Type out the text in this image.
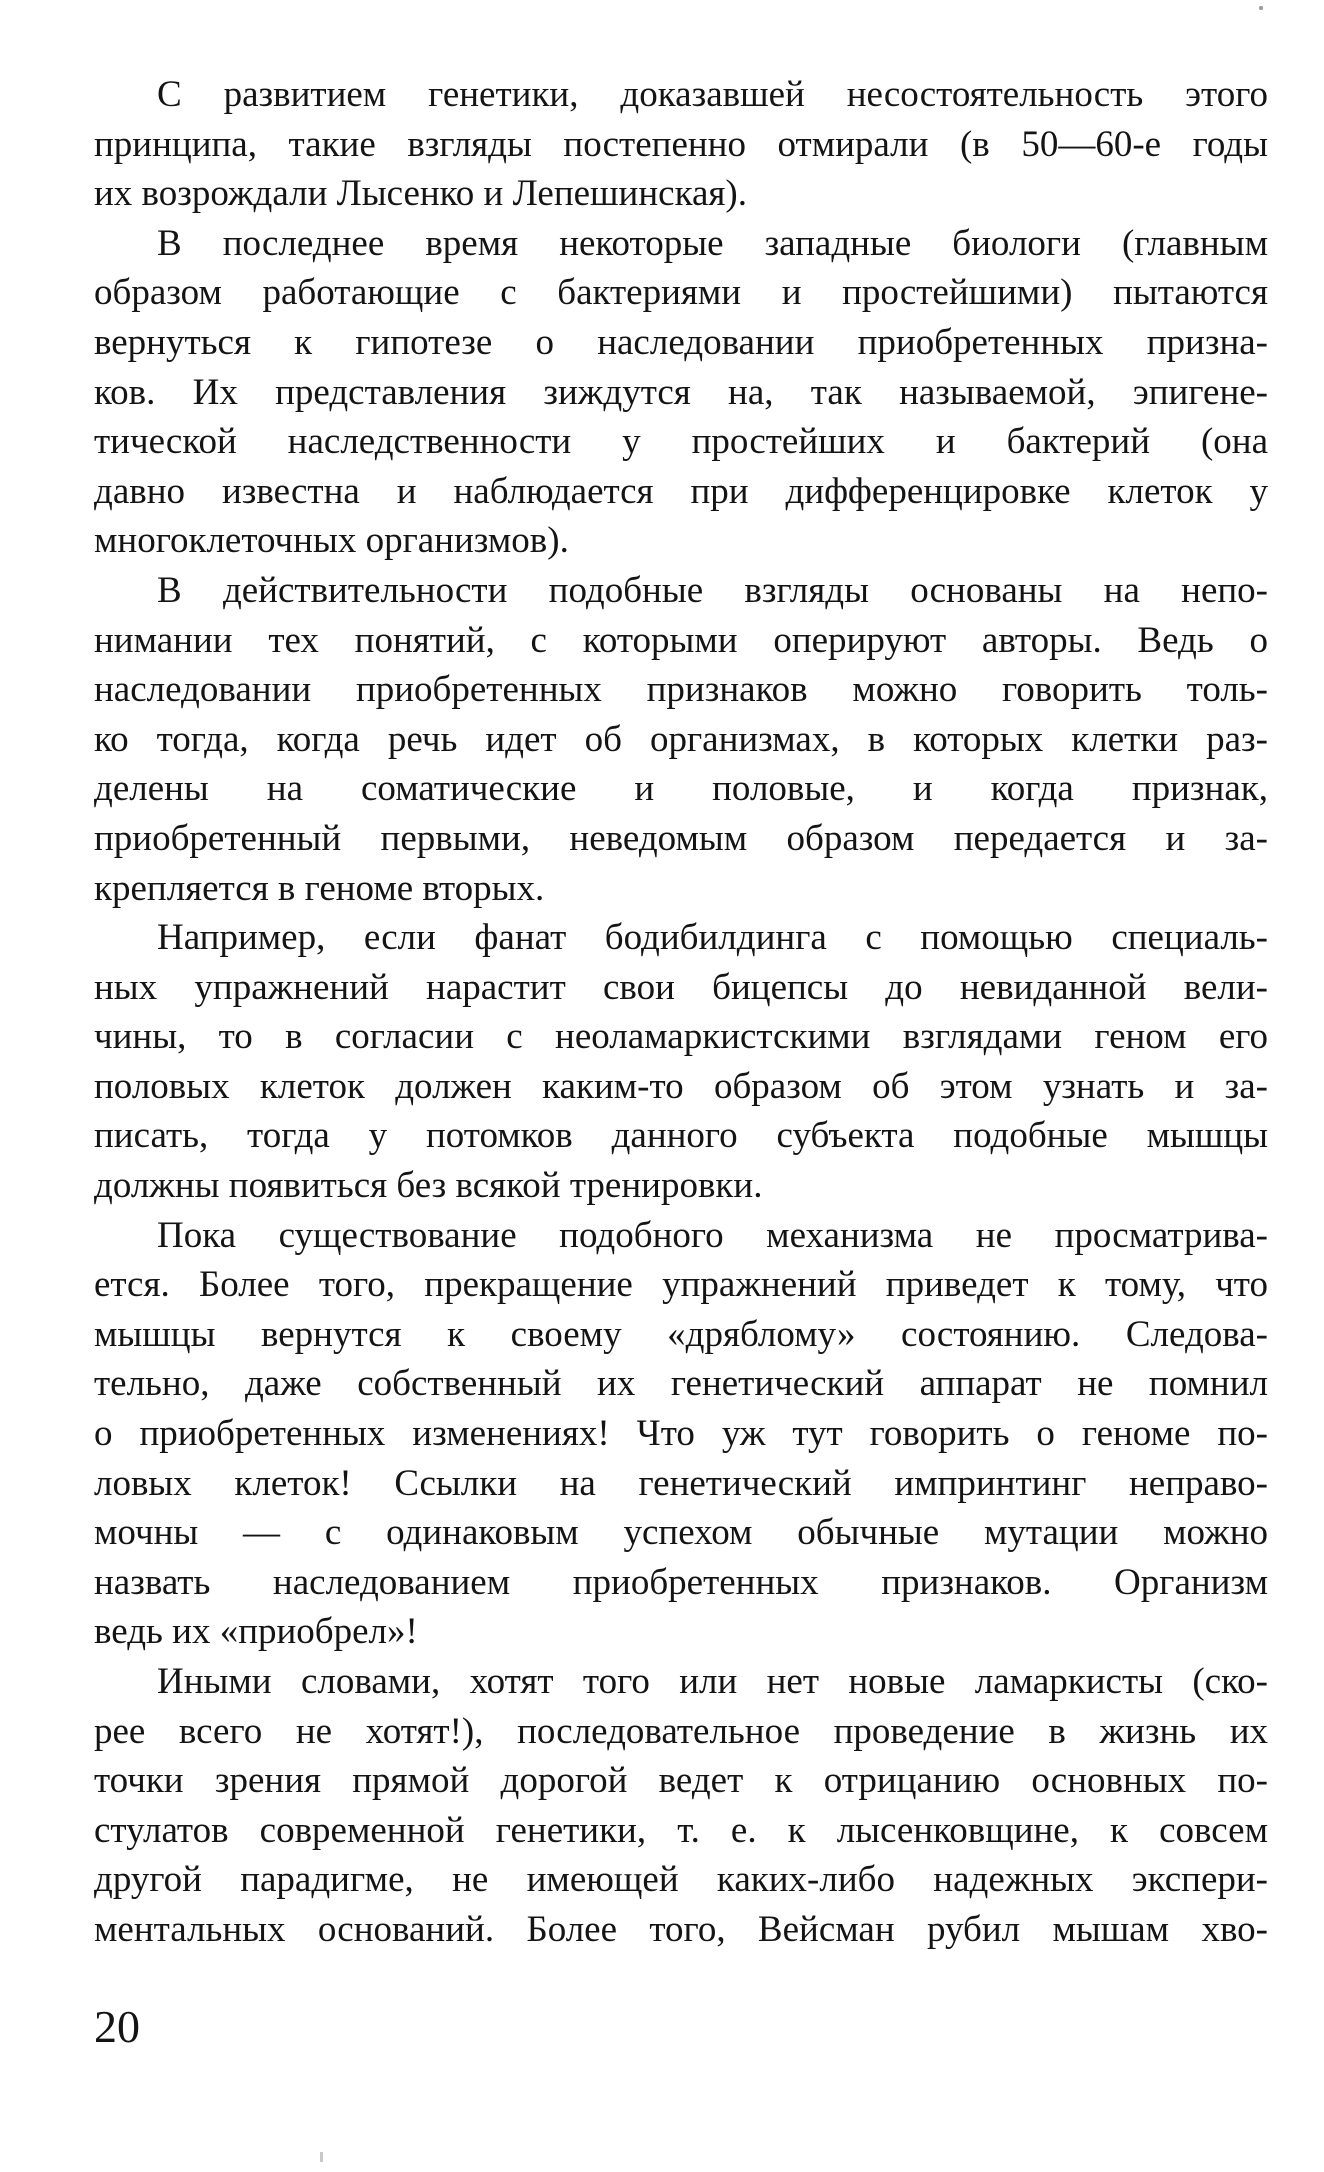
С развитием генетики, доказавшей несостоятельность этого
принципа, такие взгляды постепенно отмирали (в 50—60-е годы
их возрождали Лысенко и Лепешинская).
В последнее время некоторые западные биологи (главным
образом работающие с бактериями и простейшими) пытаются
вернуться к гипотезе о наследовании приобретенных призна-
ков. Их представления зиждутся на, так называемой, эпигене-
тической наследственности у простейших и бактерий (она
давно известна и наблюдается при дифференцировке клеток у
многоклеточных организмов).
В действительности подобные взгляды основаны на непо-
нимании тех понятий, с которыми оперируют авторы. Ведь о
наследовании приобретенных признаков можно говорить толь-
ко тогда, когда речь идет об организмах, в которых клетки раз-
делены на соматические и половые, и когда признак,
приобретенный первыми, неведомым образом передается и за-
крепляется в геноме вторых.
Например, если фанат бодибилдинга с помощью специаль-
ных упражнений нарастит свои бицепсы до невиданной вели-
чины, то в согласии с неоламаркистскими взглядами геном его
половых клеток должен каким-то образом об этом узнать и за-
писать, тогда у потомков данного субъекта подобные мышцы
должны появиться без всякой тренировки.
Пока существование подобного механизма не просматрива-
ется. Более того, прекращение упражнений приведет к тому, что
мышцы вернутся к своему «дряблому» состоянию. Следова-
тельно, даже собственный их генетический аппарат не помнил
о приобретенных изменениях! Что уж тут говорить о геноме по-
ловых клеток! Ссылки на генетический импринтинг неправо-
мочны — с одинаковым успехом обычные мутации можно
назвать наследованием приобретенных признаков. Организм
ведь их «приобрел»!
Иными словами, хотят того или нет новые ламаркисты (ско-
рее всего не хотят!), последовательное проведение в жизнь их
точки зрения прямой дорогой ведет к отрицанию основных по-
стулатов современной генетики, т. е. к лысенковщине, к совсем
другой парадигме, не имеющей каких-либо надежных экспери-
ментальных оснований. Более того, Вейсман рубил мышам хво-
20
